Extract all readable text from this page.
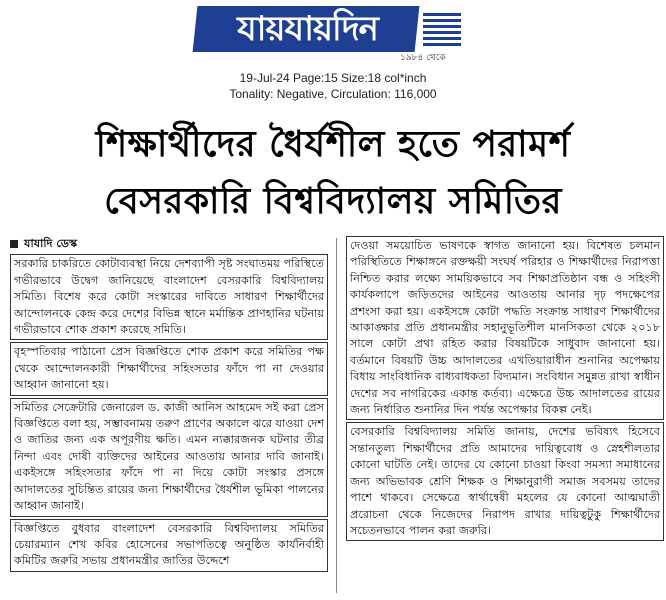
যায়যায়দিন
১৯৮৪ থেকে
19-Jul-24 Page:15 Size:18 col*inch
Tonality: Negative, Circulation: 116,000
শিক্ষার্থীদের ধৈর্যশীল হতে পরামর্শ
বেসরকারি বিশ্ববিদ্যালয় সমিতির
যাযাদি ডেস্ক

সরকারি চাকরিতে কোটাব্যবস্থা নিয়ে দেশব্যাপী সৃষ্ট সংঘাতময় পরিস্থিতে গভীরভাবে উদ্বেগ জানিয়েছে বাংলাদেশ বেসরকারি বিশ্ববিদ্যালয় সমিতি। বিশেষ করে কোটা সংস্কারের দাবিতে সাধারণ শিক্ষার্থীদের আন্দোলনকে কেন্দ্র করে দেশের বিভিন্ন স্থানে মর্মান্তিক প্রাণহানির ঘটনায় গভীরভাবে শোক প্রকাশ করেছে সমিতি।

বৃহস্পতিবার পাঠানো প্রেস বিজ্ঞপ্তিতে শোক প্রকাশ করে সমিতির পক্ষ থেকে আন্দোলনকারী শিক্ষার্থীদের সহিংসতার ফাঁদে পা না দেওয়ার আহ্বান জানানো হয়।

সমিতির সেক্রেটারি জেনারেল ড. কাজী আনিস আহমেদ সই করা প্রেস বিজ্ঞপ্তিতে বলা হয়, সম্ভাবনাময় তরুণ প্রাণের অকালে ঝরে যাওয়া দেশ ও জাতির জন্য এক অপূরণীয় ক্ষতি। এমন ন্যক্কারজনক ঘটনার তীব্র নিন্দা এবং দোষী ব্যক্তিদের আইনের আওতায় আনার দাবি জানাই। একইসঙ্গে সহিংসতার ফাঁদে পা না দিয়ে কোটা সংস্কার প্রসঙ্গে আদালতের সুচিন্তিত রায়ের জন্য শিক্ষার্থীদের ধৈর্যশীল ভূমিকা পালনের আহ্বান জানাই।

বিজ্ঞপ্তিতে বুধবার বাংলাদেশ বেসরকারি বিশ্ববিদ্যালয় সমিতির চেয়ারম্যান শেখ কবির হোসেনের সভাপতিত্বে অনুষ্ঠিত কার্যনির্বাহী কমিটির জরুরি সভায় প্রধানমন্ত্রীর জাতির উদ্দেশে

দেওয়া সময়োচিত ভাষণকে স্বাগত জানানো হয়। বিশেষত চলমান পরিস্থিতিতে শিক্ষাঙ্গনে রক্তক্ষয়ী সংঘর্ষ পরিহার ও শিক্ষার্থীদের নিরাপত্তা নিশ্চিত করার লক্ষ্যে সাময়িকভাবে সব শিক্ষাপ্রতিষ্ঠান বন্ধ ও সহিংসী কার্যকলাপে জড়িতদের আইনের আওতায় আনার দৃঢ় পদক্ষেপের প্রশংসা করা হয়। একইসঙ্গে কোটা পদ্ধতি সংক্রান্ত সাধারণ শিক্ষার্থীদের আকাঙ্ক্ষার প্রতি প্রধানমন্ত্রীর সহানুভূতিশীল মানসিকতা থেকে ২০১৮ সালে কোটা প্রথা রহিত করার বিষয়টিকে সাধুবাদ জানানো হয়। বর্তমানে বিষয়টি উচ্চ আদালতের এখতিয়ারাধীন শুনানির অপেক্ষায় বিধায় সাংবিধানিক বাধ্যবাধকতা বিদ্যমান। সংবিধান সমুন্নত রাখা স্বাধীন দেশের সব নাগরিকের একান্ত কর্তব্য। এক্ষেত্রে উচ্চ আদালতের রায়ের জন্য নির্ধারিত শুনানির দিন পর্যন্ত অপেক্ষার বিকল্প নেই।

বেসরকারি বিশ্ববিদ্যালয় সমিতি জানায়, দেশের ভবিষ্যৎ হিসেবে সন্তানতুল্য শিক্ষার্থীদের প্রতি আমাদের দায়িত্ববোধ ও স্নেহশীলতার কোনো ঘাটতি নেই। তাদের যে কোনো চাওয়া কিংবা সমস্যা সমাধানের জন্য অভিভাবক শ্রেণি শিক্ষক ও শিক্ষানুরাগী সমাজ সবসময় তাদের পাশে থাকবে। সেক্ষেত্রে স্বার্থান্বেষী মহলের যে কোনো আত্মঘাতী প্ররোচনা থেকে নিজেদের নিরাপদ রাখার দায়িত্বটুকু শিক্ষার্থীদের সচেতনভাবে পালন করা জরুরি।
